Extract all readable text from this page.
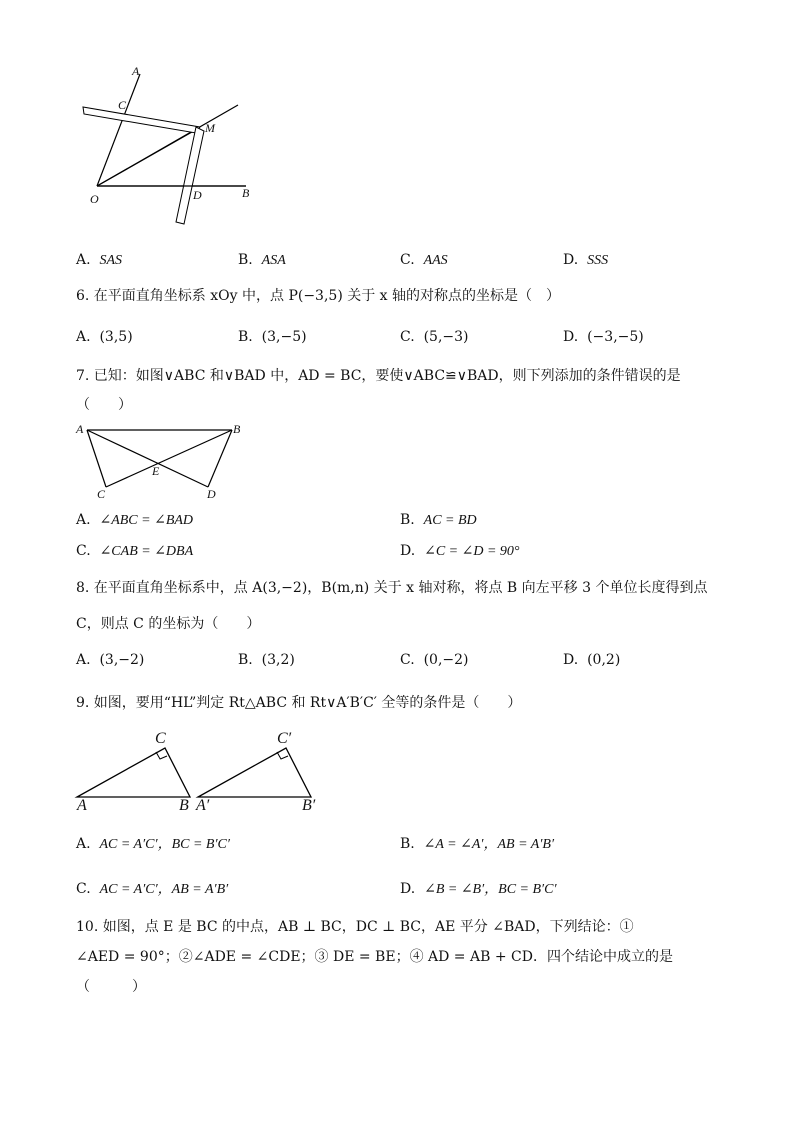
A
C
M
O	D	B
A. SAS	B. ASA	C. AAS	D. SSS
6. 在平面直角坐标系 xOy 中，点 P(−3,5) 关于 x 轴的对称点的坐标是（　）
A. (3,5)	B. (3,−5)	C. (5,−3)	D. (−3,−5)
7. 已知：如图∨ABC 和∨BAD 中，AD = BC，要使∨ABC≌∨BAD，则下列添加的条件错误的是
（　　）
A	B
E
C	D
A. ∠ABC = ∠BAD	B. AC = BD
C. ∠CAB = ∠DBA	D. ∠C = ∠D = 90°
8. 在平面直角坐标系中，点 A(3,−2)，B(m,n) 关于 x 轴对称，将点 B 向左平移 3 个单位长度得到点
C，则点 C 的坐标为（　　）
A. (3,−2)	B. (3,2)	C. (0,−2)	D. (0,2)
9. 如图，要用“HL”判定 Rt△ABC 和 Rt∨A′B′C′ 全等的条件是（　　）
C
A	B
C′
A′	B′
A. AC = A′C′，BC = B′C′	B. ∠A = ∠A′，AB = A′B′
C. AC = A′C′，AB = A′B′	D. ∠B = ∠B′，BC = B′C′
10. 如图，点 E 是 BC 的中点，AB ⊥ BC，DC ⊥ BC，AE 平分 ∠BAD，下列结论：①
∠AED = 90°；②∠ADE = ∠CDE；③ DE = BE；④ AD = AB + CD．四个结论中成立的是
（　　　）
